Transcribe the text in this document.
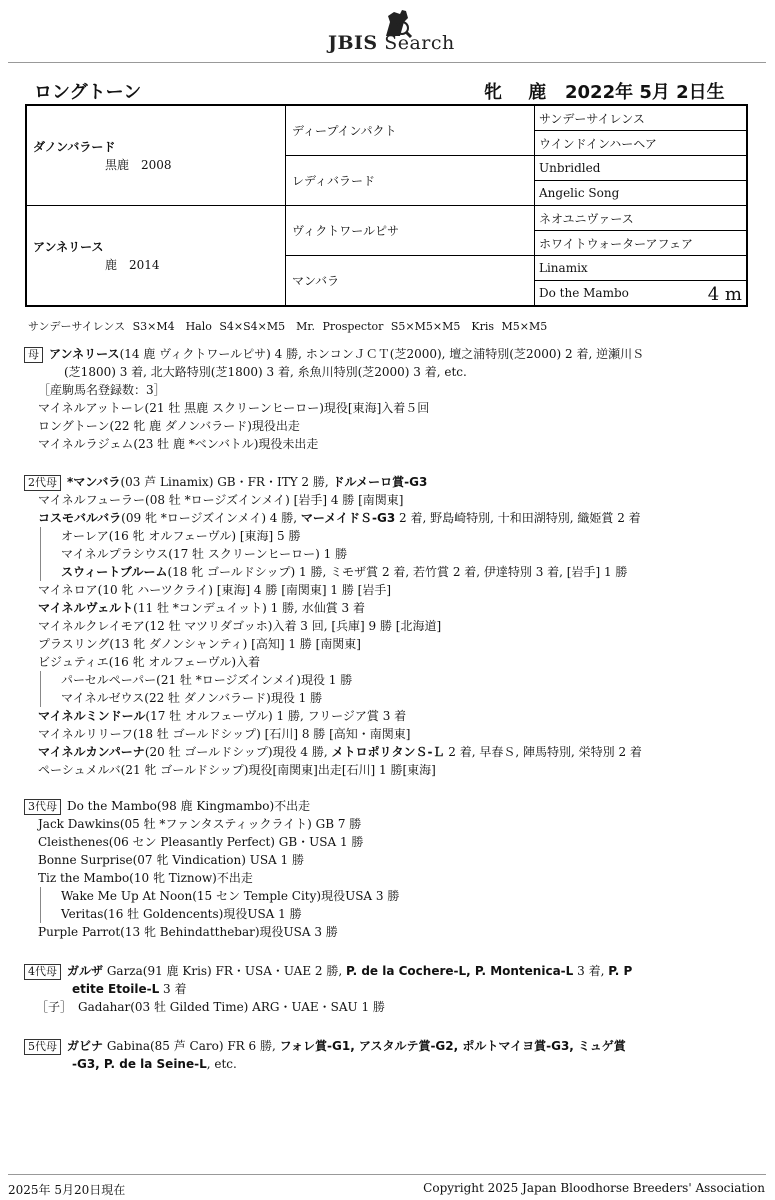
JBIS Search
ロングトーン	牝 鹿 2022年 5月 2日生
ダノンバラード
黒鹿　 2008	ディープインパクト	サンデーサイレンス
		ウインドインハーヘア
	レディバラード	Unbridled
		Angelic Song

アンネリース
鹿　 2014	ヴィクトワールピサ	ネオユニヴァース
		ホワイトウォーターアフェア
	マンバラ	Linamix
		Do the Mambo 4 m
サンデーサイレンス S3×M4　Halo S4×S4×M5　Mr. Prospector S5×M5×M5　Kris M5×M5
母 アンネリース(14 鹿 ヴィクトワールピサ) 4 勝, ホンコンＪＣＴ(芝2000), 壇之浦特別(芝2000) 2 着, 逆瀬川Ｓ
(芝1800) 3 着, 北大路特別(芝1800) 3 着, 糸魚川特別(芝2000) 3 着, etc.
［産駒馬名登録数：3］
マイネルアットーレ(21 牡 黒鹿 スクリーンヒーロー)現役[東海]入着５回
ロングトーン(22 牝 鹿 ダノンバラード)現役出走
マイネルラジェム(23 牡 鹿 *ベンバトル)現役未出走
2代母 *マンバラ(03 芦 Linamix) GB・FR・ITY 2 勝, ドルメーロ賞-G3
マイネルフューラー(08 牡 *ロージズインメイ) [岩手] 4 勝 [南関東]
コスモバルバラ(09 牝 *ロージズインメイ) 4 勝, マーメイドＳ-G3 2 着, 野島崎特別, 十和田湖特別, 織姫賞 2 着
オーレア(16 牝 オルフェーヴル) [東海] 5 勝
マイネルプラシウス(17 牡 スクリーンヒーロー) 1 勝
スウィートブルーム(18 牝 ゴールドシップ) 1 勝, ミモザ賞 2 着, 若竹賞 2 着, 伊達特別 3 着, [岩手] 1 勝
マイネロア(10 牝 ハーツクライ) [東海] 4 勝 [南関東] 1 勝 [岩手]
マイネルヴェルト(11 牡 *コンデュイット) 1 勝, 水仙賞 3 着
マイネルクレイモア(12 牡 マツリダゴッホ)入着 3 回, [兵庫] 9 勝 [北海道]
プラスリング(13 牝 ダノンシャンティ) [高知] 1 勝 [南関東]
ビジュティエ(16 牝 オルフェーヴル)入着
パーセルペーパー(21 牡 *ロージズインメイ)現役 1 勝
マイネルゼウス(22 牡 ダノンバラード)現役 1 勝
マイネルミンドール(17 牡 オルフェーヴル) 1 勝, フリージア賞 3 着
マイネルリリーフ(18 牡 ゴールドシップ) [石川] 8 勝 [高知・南関東]
マイネルカンパーナ(20 牡 ゴールドシップ)現役 4 勝, メトロポリタンＳ-Ｌ 2 着, 早春Ｓ, 陣馬特別, 栄特別 2 着
ペーシュメルバ(21 牝 ゴールドシップ)現役[南関東]出走[石川] 1 勝[東海]
3代母 Do the Mambo(98 鹿 Kingmambo)不出走
Jack Dawkins(05 牡 *ファンタスティックライト) GB 7 勝
Cleisthenes(06 セン Pleasantly Perfect) GB・USA 1 勝
Bonne Surprise(07 牝 Vindication) USA 1 勝
Tiz the Mambo(10 牝 Tiznow)不出走
Wake Me Up At Noon(15 セン Temple City)現役USA 3 勝
Veritas(16 牡 Goldencents)現役USA 1 勝
Purple Parrot(13 牝 Behindatthebar)現役USA 3 勝
4代母 ガルザ Garza(91 鹿 Kris) FR・USA・UAE 2 勝, P. de la Cochere-L, P. Montenica-L 3 着, P. P
etite Etoile-L 3 着
［子］　 Gadahar(03 牡 Gilded Time) ARG・UAE・SAU 1 勝
5代母 ガビナ Gabina(85 芦 Caro) FR 6 勝, フォレ賞-G1, アスタルテ賞-G2, ポルトマイヨ賞-G3, ミュゲ賞
-G3, P. de la Seine-L, etc.
2025年 5月20日現在	Copyright 2025 Japan Bloodhorse Breeders' Association
